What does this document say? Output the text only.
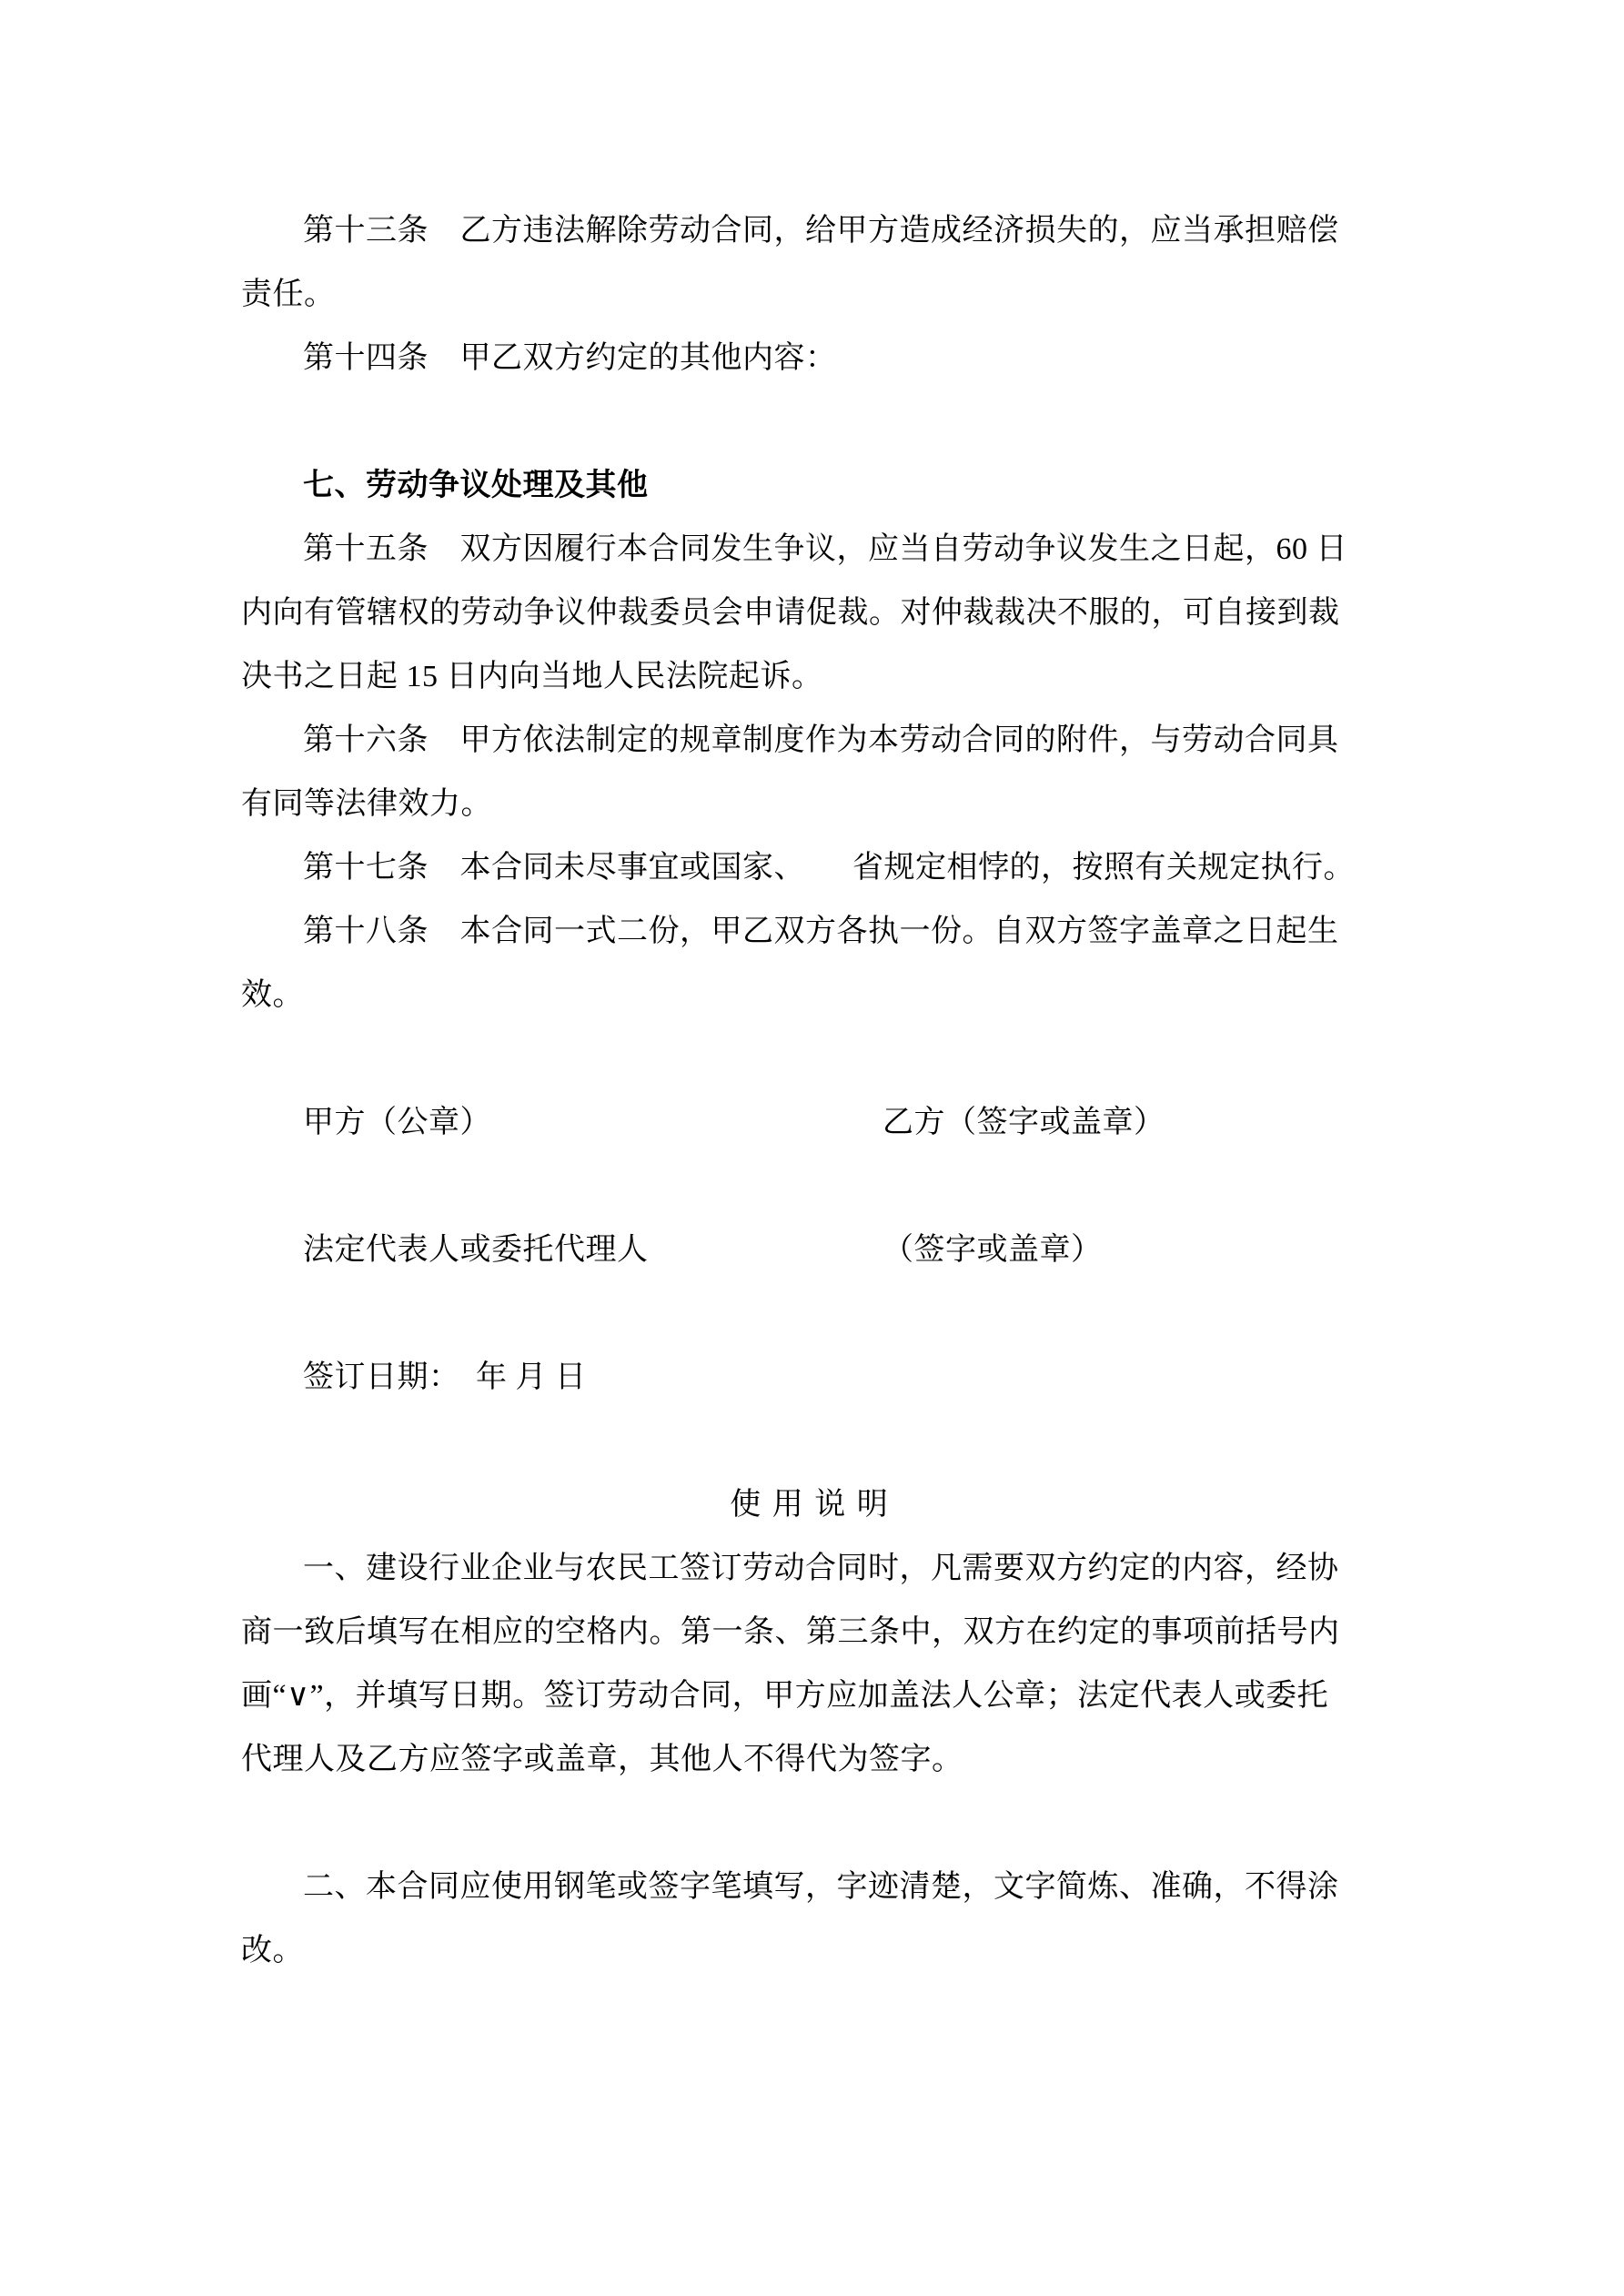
第十三条　乙方违法解除劳动合同，给甲方造成经济损失的，应当承担赔偿
责任。
第十四条　甲乙双方约定的其他内容：
七、劳动争议处理及其他
第十五条　双方因履行本合同发生争议，应当自劳动争议发生之日起，60 日
内向有管辖权的劳动争议仲裁委员会申请促裁。对仲裁裁决不服的，可自接到裁
决书之日起 15 日内向当地人民法院起诉。
第十六条　甲方依法制定的规章制度作为本劳动合同的附件，与劳动合同具
有同等法律效力。
第十七条　本合同未尽事宜或国家、　　省规定相悖的，按照有关规定执行。
第十八条　本合同一式二份，甲乙双方各执一份。自双方签字盖章之日起生
效。
甲方（公章）	乙方（签字或盖章）
法定代表人或委托代理人	（签字或盖章）
签订日期：　年 月 日
使 用 说 明
一、建设行业企业与农民工签订劳动合同时，凡需要双方约定的内容，经协
商一致后填写在相应的空格内。第一条、第三条中，双方在约定的事项前括号内
画“∨”，并填写日期。签订劳动合同，甲方应加盖法人公章；法定代表人或委托
代理人及乙方应签字或盖章，其他人不得代为签字。
二、本合同应使用钢笔或签字笔填写，字迹清楚，文字简炼、准确，不得涂
改。
